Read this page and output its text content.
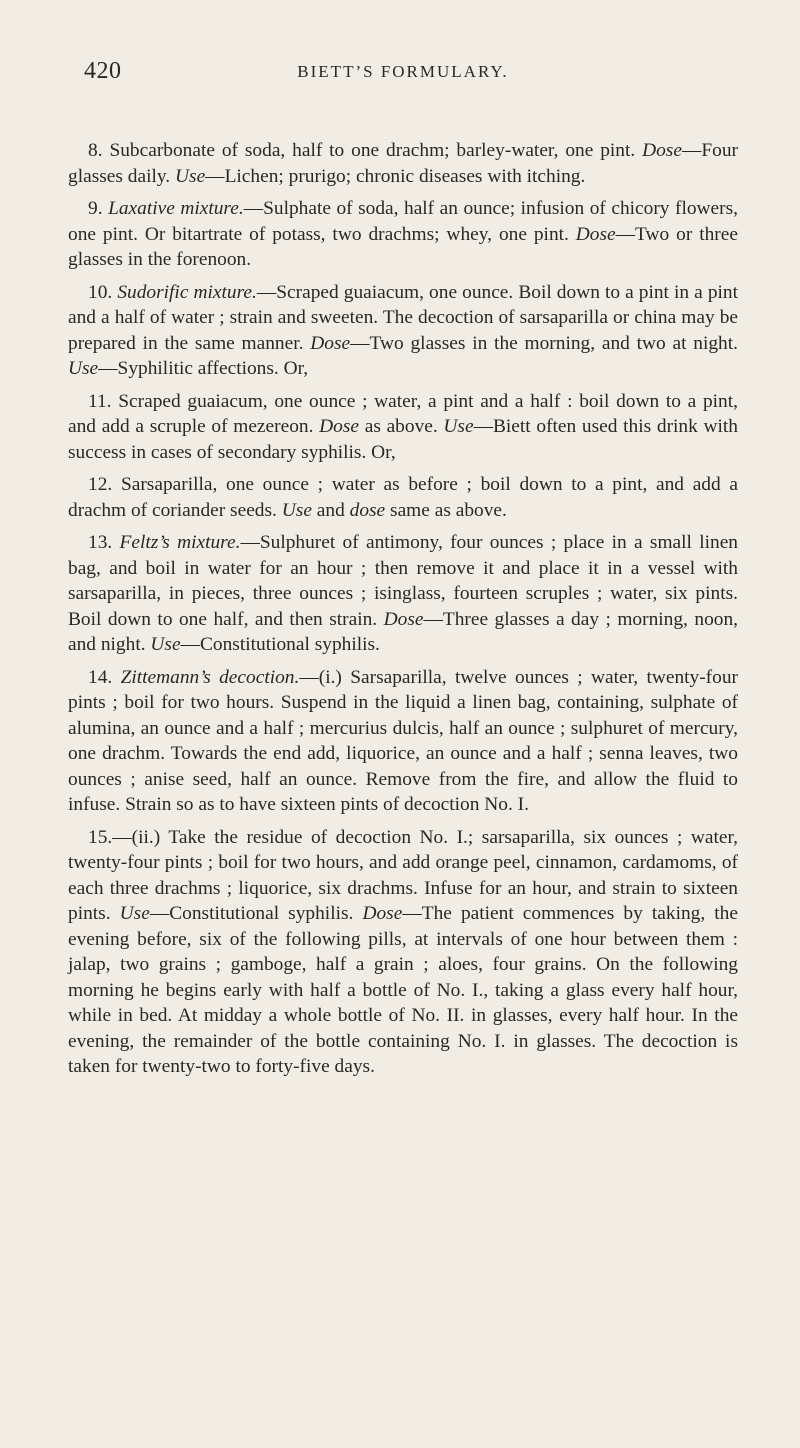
420	BIETT’S FORMULARY.

8. Subcarbonate of soda, half to one drachm; barley-water, one pint. Dose—Four glasses daily. Use—Lichen; prurigo; chronic diseases with itching.

9. Laxative mixture.—Sulphate of soda, half an ounce; infusion of chicory flowers, one pint. Or bitartrate of potass, two drachms; whey, one pint. Dose—Two or three glasses in the forenoon.

10. Sudorific mixture.—Scraped guaiacum, one ounce. Boil down to a pint in a pint and a half of water ; strain and sweeten. The decoction of sarsaparilla or china may be prepared in the same manner. Dose—Two glasses in the morning, and two at night. Use—Syphilitic affections. Or,

11. Scraped guaiacum, one ounce ; water, a pint and a half : boil down to a pint, and add a scruple of mezereon. Dose as above. Use—Biett often used this drink with success in cases of secondary syphilis. Or,

12. Sarsaparilla, one ounce ; water as before ; boil down to a pint, and add a drachm of coriander seeds. Use and dose same as above.

13. Feltz’s mixture.—Sulphuret of antimony, four ounces ; place in a small linen bag, and boil in water for an hour ; then remove it and place it in a vessel with sarsaparilla, in pieces, three ounces ; isinglass, fourteen scruples ; water, six pints. Boil down to one half, and then strain. Dose—Three glasses a day ; morning, noon, and night. Use—Constitutional syphilis.

14. Zittemann’s decoction.—(i.) Sarsaparilla, twelve ounces ; water, twenty-four pints ; boil for two hours. Suspend in the liquid a linen bag, containing, sulphate of alumina, an ounce and a half ; mercurius dulcis, half an ounce ; sulphuret of mercury, one drachm. Towards the end add, liquorice, an ounce and a half ; senna leaves, two ounces ; anise seed, half an ounce. Remove from the fire, and allow the fluid to infuse. Strain so as to have sixteen pints of decoction No. I.

15.—(ii.) Take the residue of decoction No. I.; sarsaparilla, six ounces ; water, twenty-four pints ; boil for two hours, and add orange peel, cinnamon, cardamoms, of each three drachms ; liquorice, six drachms. Infuse for an hour, and strain to sixteen pints. Use—Constitutional syphilis. Dose—The patient commences by taking, the evening before, six of the following pills, at intervals of one hour between them : jalap, two grains ; gamboge, half a grain ; aloes, four grains. On the following morning he begins early with half a bottle of No. I., taking a glass every half hour, while in bed. At midday a whole bottle of No. II. in glasses, every half hour. In the evening, the remainder of the bottle containing No. I. in glasses. The decoction is taken for twenty-two to forty-five days.
